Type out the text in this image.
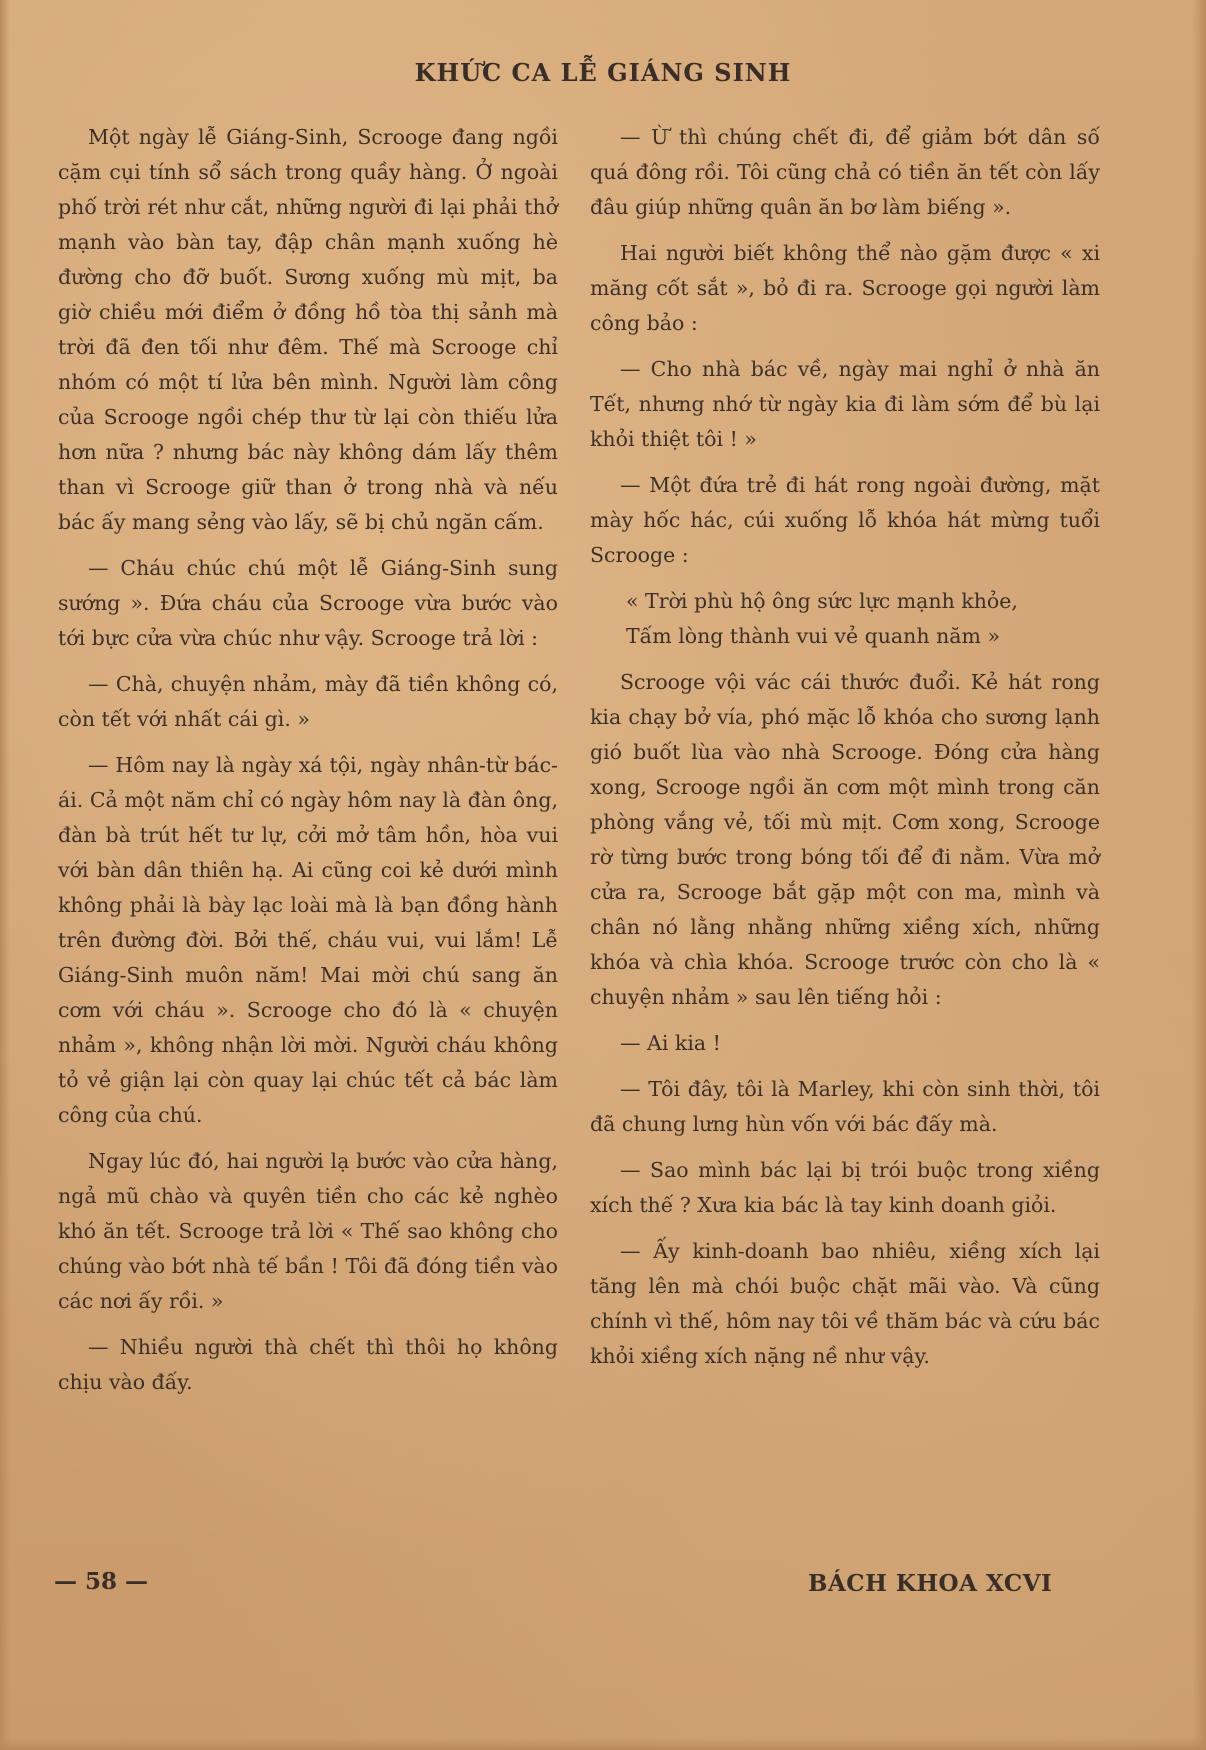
KHỨC CA LỄ GIÁNG SINH

Một ngày lễ Giáng-Sinh, Scrooge đang ngồi cặm cụi tính sổ sách trong quầy hàng. Ở ngoài phố trời rét như cắt, những người đi lại phải thở mạnh vào bàn tay, đập chân mạnh xuống hè đường cho đỡ buốt. Sương xuống mù mịt, ba giờ chiều mới điểm ở đồng hồ tòa thị sảnh mà trời đã đen tối như đêm. Thế mà Scrooge chỉ nhóm có một tí lửa bên mình. Người làm công của Scrooge ngồi chép thư từ lại còn thiếu lửa hơn nữa ? nhưng bác này không dám lấy thêm than vì Scrooge giữ than ở trong nhà và nếu bác ấy mang sẻng vào lấy, sẽ bị chủ ngăn cấm.

— Cháu chúc chú một lễ Giáng-Sinh sung sướng ». Đứa cháu của Scrooge vừa bước vào tới bực cửa vừa chúc như vậy. Scrooge trả lời :

— Chà, chuyện nhảm, mày đã tiền không có, còn tết với nhất cái gì. »

— Hôm nay là ngày xá tội, ngày nhân-từ bác-ái. Cả một năm chỉ có ngày hôm nay là đàn ông, đàn bà trút hết tư lự, cởi mở tâm hồn, hòa vui với bàn dân thiên hạ. Ai cũng coi kẻ dưới mình không phải là bày lạc loài mà là bạn đồng hành trên đường đời. Bởi thế, cháu vui, vui lắm! Lễ Giáng-Sinh muôn năm! Mai mời chú sang ăn cơm với cháu ». Scrooge cho đó là « chuyện nhảm », không nhận lời mời. Người cháu không tỏ vẻ giận lại còn quay lại chúc tết cả bác làm công của chú.

Ngay lúc đó, hai người lạ bước vào cửa hàng, ngả mũ chào và quyên tiền cho các kẻ nghèo khó ăn tết. Scrooge trả lời « Thế sao không cho chúng vào bớt nhà tế bần ! Tôi đã đóng tiền vào các nơi ấy rồi. »

— Nhiều người thà chết thì thôi họ không chịu vào đấy.

— Ừ thì chúng chết đi, để giảm bớt dân số quá đông rồi. Tôi cũng chả có tiền ăn tết còn lấy đâu giúp những quân ăn bơ làm biếng ».

Hai người biết không thể nào gặm được « xi măng cốt sắt », bỏ đi ra. Scrooge gọi người làm công bảo :

— Cho nhà bác về, ngày mai nghỉ ở nhà ăn Tết, nhưng nhớ từ ngày kia đi làm sớm để bù lại khỏi thiệt tôi ! »

— Một đứa trẻ đi hát rong ngoài đường, mặt mày hốc hác, cúi xuống lỗ khóa hát mừng tuổi Scrooge :

« Trời phù hộ ông sức lực mạnh khỏe,

Tấm lòng thành vui vẻ quanh năm »

Scrooge vội vác cái thước đuổi. Kẻ hát rong kia chạy bở vía, phó mặc lỗ khóa cho sương lạnh gió buốt lùa vào nhà Scrooge. Đóng cửa hàng xong, Scrooge ngồi ăn cơm một mình trong căn phòng vắng vẻ, tối mù mịt. Cơm xong, Scrooge rờ từng bước trong bóng tối để đi nằm. Vừa mở cửa ra, Scrooge bắt gặp một con ma, mình và chân nó lằng nhằng những xiềng xích, những khóa và chìa khóa. Scrooge trước còn cho là « chuyện nhảm » sau lên tiếng hỏi :

— Ai kia !

— Tôi đây, tôi là Marley, khi còn sinh thời, tôi đã chung lưng hùn vốn với bác đấy mà.

— Sao mình bác lại bị trói buộc trong xiềng xích thế ? Xưa kia bác là tay kinh doanh giỏi.

— Ấy kinh-doanh bao nhiêu, xiềng xích lại tăng lên mà chói buộc chặt mãi vào. Và cũng chính vì thế, hôm nay tôi về thăm bác và cứu bác khỏi xiềng xích nặng nề như vậy.

— 58 —	BÁCH KHOA XCVI
